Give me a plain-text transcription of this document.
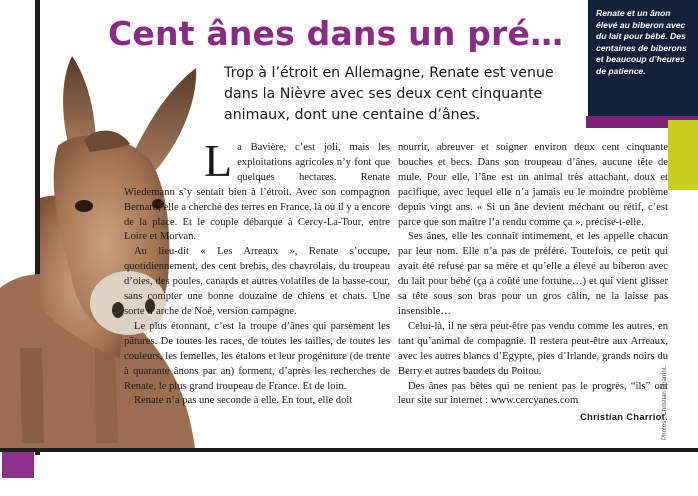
Renate et un ânon élevé au biberon avec du lait pour bébé. Des centaines de biberons et beaucoup d’heures de patience.
Cent ânes dans un pré…
Trop à l’étroit en Allemagne, Renate est venue dans la Nièvre avec ses deux cent cinquante animaux, dont une centaine d’ânes.

La Bavière, c’est joli, mais les exploitations agricoles n’y font que quelques hectares. Renate Wiedemann s’y sentait bien à l’étroit. Avec son compagnon Bernard, elle a cherché des terres en France, là où il y a encore de la place. Et le couple débarque à Cercy-La-Tour, entre Loire et Morvan.

Au lieu-dit « Les Arreaux », Renate s’occupe, quotidiennement, des cent brebis, des chavrolais, du troupeau d’oies, des poules, canards et autres volatiles de la basse-cour, sans compter une bonne douzaine de chiens et chats. Une sorte d’arche de Noé, version campagne.

Le plus étonnant, c’est la troupe d’ânes qui parsèment les pâtures. De toutes les races, de toutes les tailles, de toutes les couleurs, les femelles, les étalons et leur progéniture (de trente à quarante ânons par an) forment, d’après les recherches de Renate, le plus grand troupeau de France. Et de loin.

Renate n’a pas une seconde à elle. En tout, elle doit

nourrir, abreuver et soigner environ deux cent cinquante bouches et becs. Dans son troupeau d’ânes, aucune tête de mule. Pour elle, l’âne est un animal très attachant, doux et pacifique, avec lequel elle n’a jamais eu le moindre problème depuis vingt ans. « Si un âne devient méchant ou rétif, c’est parce que son maître l’a rendu comme ça », précise-t-elle.

Ses ânes, elle les connaît intimement, et les appelle chacun par leur nom. Elle n’a pas de préféré. Toutefois, ce petit qui avait été refusé par sa mère et qu’elle a élevé au biberon avec du lait pour bébé (ça a coûté une fortune…) et qui vient glisser sa tête sous son bras pour un gros câlin, ne la laisse pas insensible…

Celui-là, il ne sera peut-être pas vendu comme les autres, en tant qu’animal de compagnie. Il restera peut-être aux Arreaux, avec les autres blancs d’Egypte, pies d’Irlande, grands noirs du Berry et autres baudets du Poitou.

Des ânes pas bêtes qui ne renient pas le progrès, “ils” ont leur site sur internet : www.cercyanes.com

Christian Charriot.
Photos : Christian Charriot.
